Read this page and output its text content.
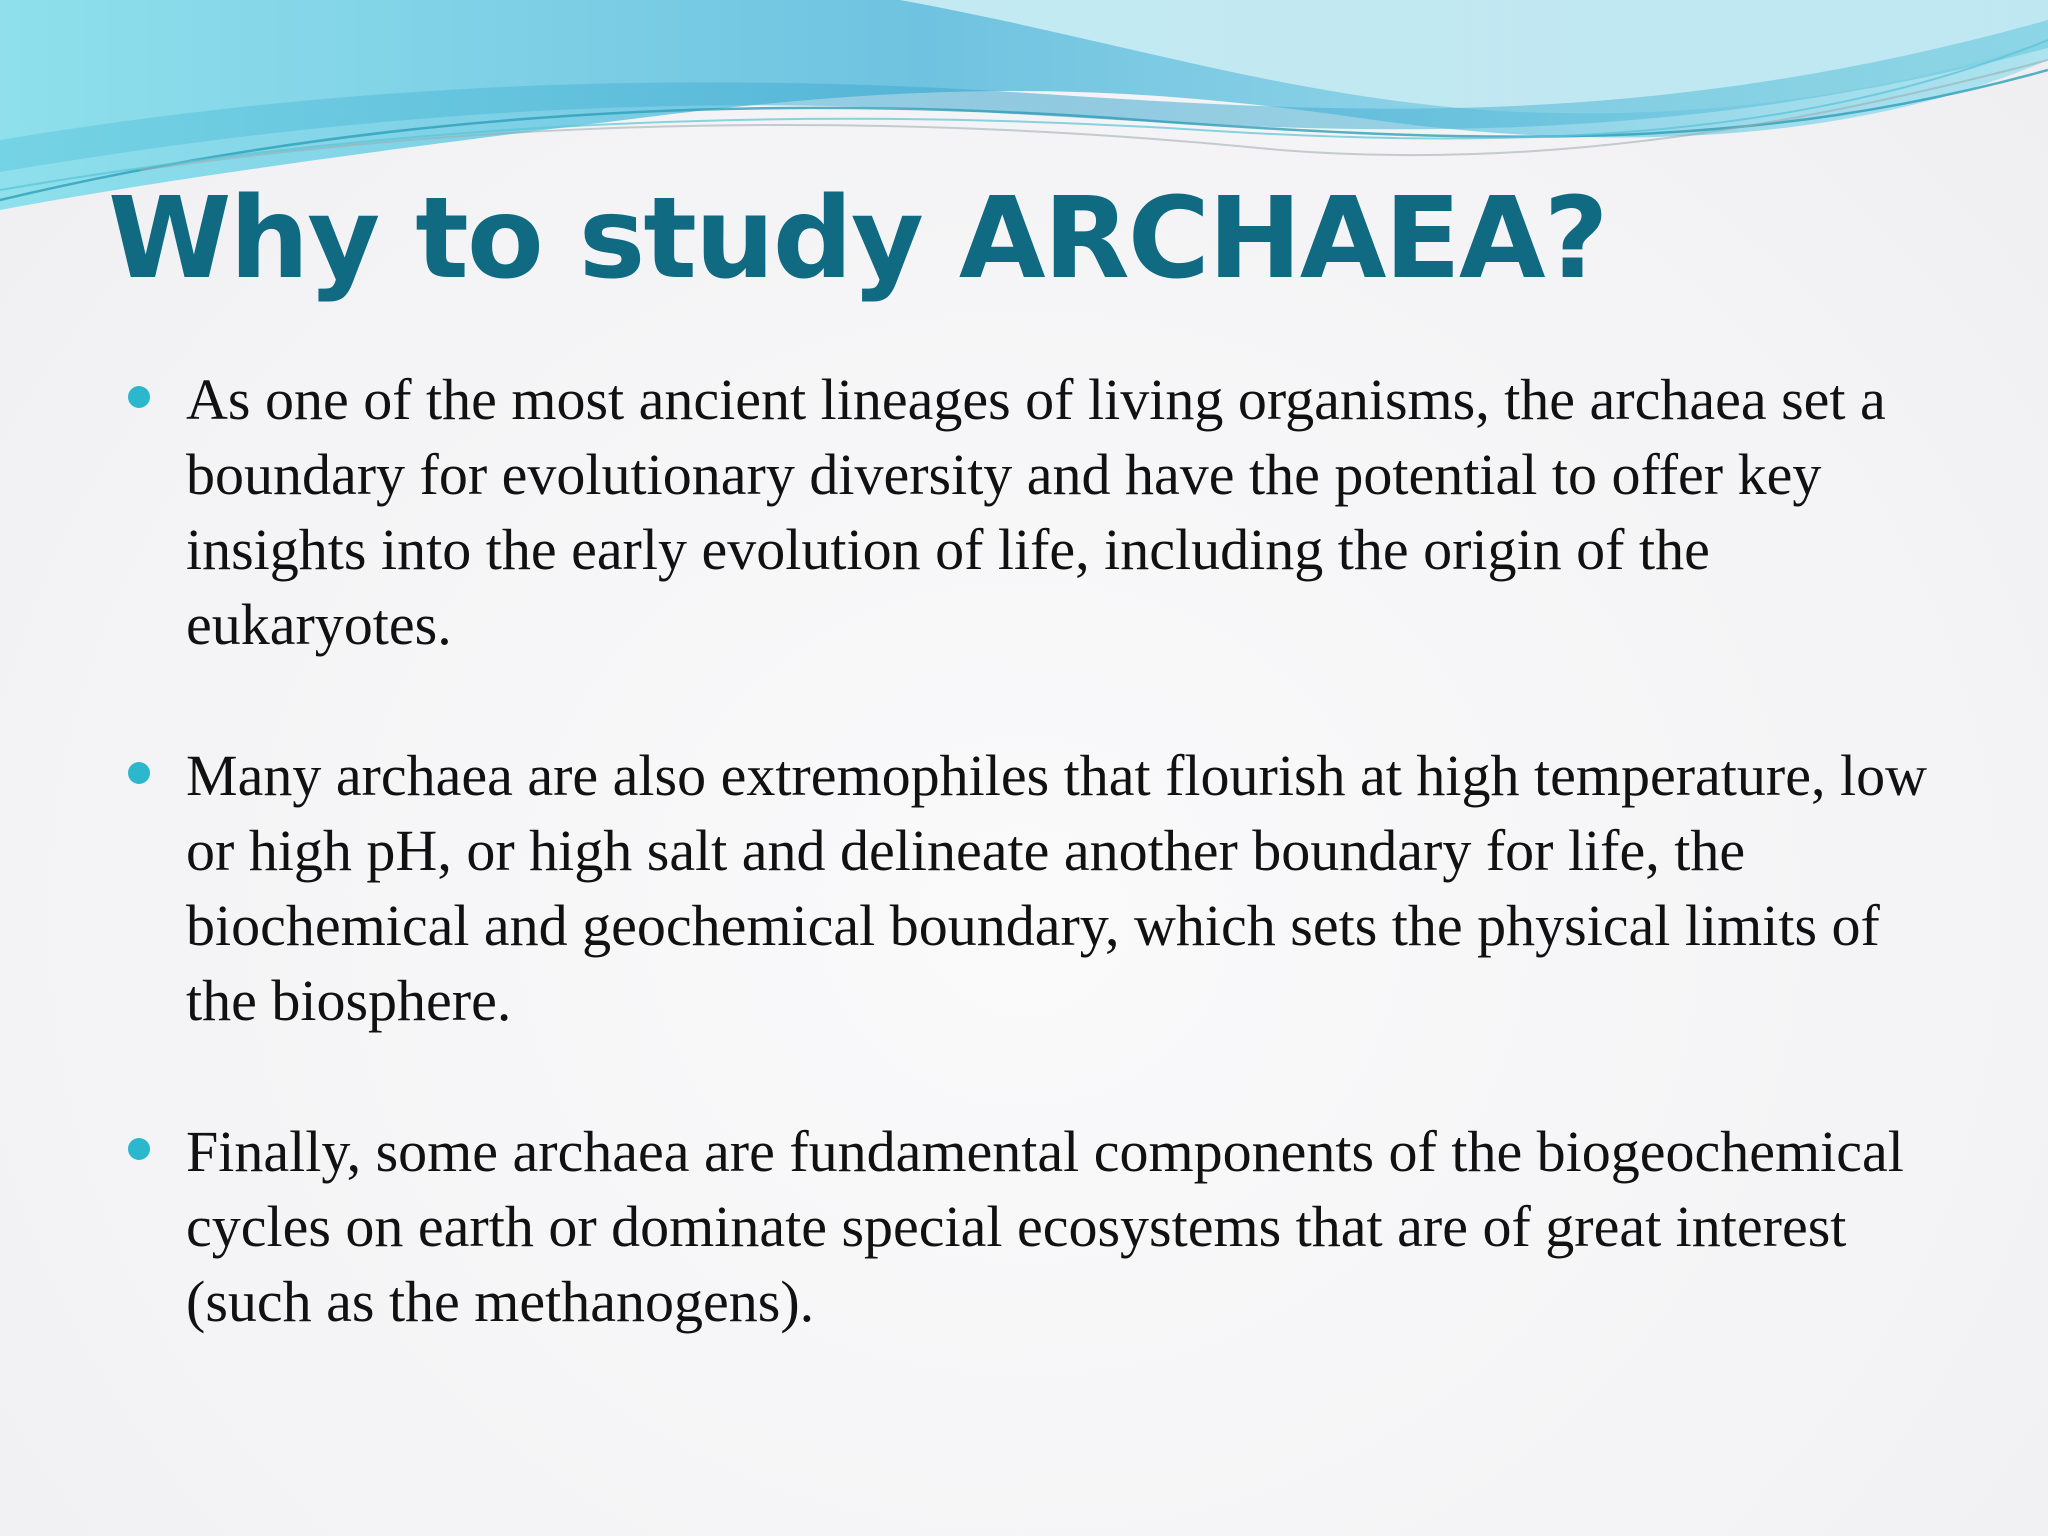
Why to study ARCHAEA?
As one of the most ancient lineages of living organisms, the archaea set a boundary for evolutionary diversity and have the potential to offer key insights into the early evolution of life, including the origin of the eukaryotes.
Many archaea are also extremophiles that flourish at high temperature, low or high pH, or high salt and delineate another boundary for life, the biochemical and geochemical boundary, which sets the physical limits of the biosphere.
Finally, some archaea are fundamental components of the biogeochemical cycles on earth or dominate special ecosystems that are of great interest (such as the methanogens).
